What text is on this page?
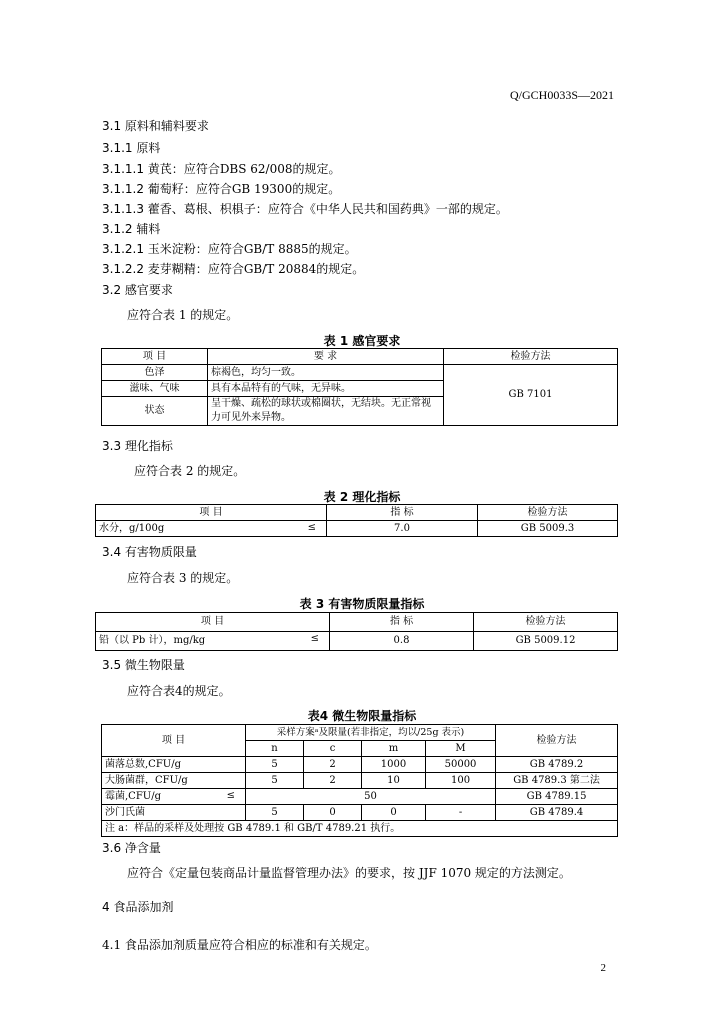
Q/GCH0033S—2021
3.1 原料和辅料要求
3.1.1 原料
3.1.1.1 黄芪：应符合DBS 62/008的规定。
3.1.1.2 葡萄籽：应符合GB 19300的规定。
3.1.1.3 藿香、葛根、枳椇子：应符合《中华人民共和国药典》一部的规定。
3.1.2 辅料
3.1.2.1 玉米淀粉：应符合GB/T 8885的规定。
3.1.2.2 麦芽糊精：应符合GB/T 20884的规定。
3.2 感官要求
应符合表 1 的规定。
表 1 感官要求
项 目	要 求	检验方法
色泽	棕褐色，均匀一致。	GB 7101
滋味、气味	具有本品特有的气味，无异味。	
状态	呈干燥、疏松的球状或棉圈状，无结块。无正常视力可见外来异物。	
3.3 理化指标
应符合表 2 的规定。
表 2 理化指标
项 目	指 标	检验方法
水分，g/100g ≤	7.0	GB 5009.3
3.4 有害物质限量
应符合表 3 的规定。
表 3 有害物质限量指标
项 目	指 标	检验方法
铅（以 Pb 计），mg/kg ≤	0.8	GB 5009.12
3.5 微生物限量
应符合表4的规定。
表4 微生物限量指标
项 目	采样方案ᵃ及限量(若非指定，均以/25g 表示)				检验方法
	n	c	m	M	
菌落总数,CFU/g	5	2	1000	50000	GB 4789.2
大肠菌群，CFU/g	5	2	10	100	GB 4789.3 第二法
霉菌,CFU/g ≤	50				GB 4789.15
沙门氏菌	5	0	0	-	GB 4789.4
注 a：样品的采样及处理按 GB 4789.1 和 GB/T 4789.21 执行。					
3.6 净含量
应符合《定量包装商品计量监督管理办法》的要求，按 JJF 1070 规定的方法测定。
4 食品添加剂
4.1 食品添加剂质量应符合相应的标准和有关规定。
2
